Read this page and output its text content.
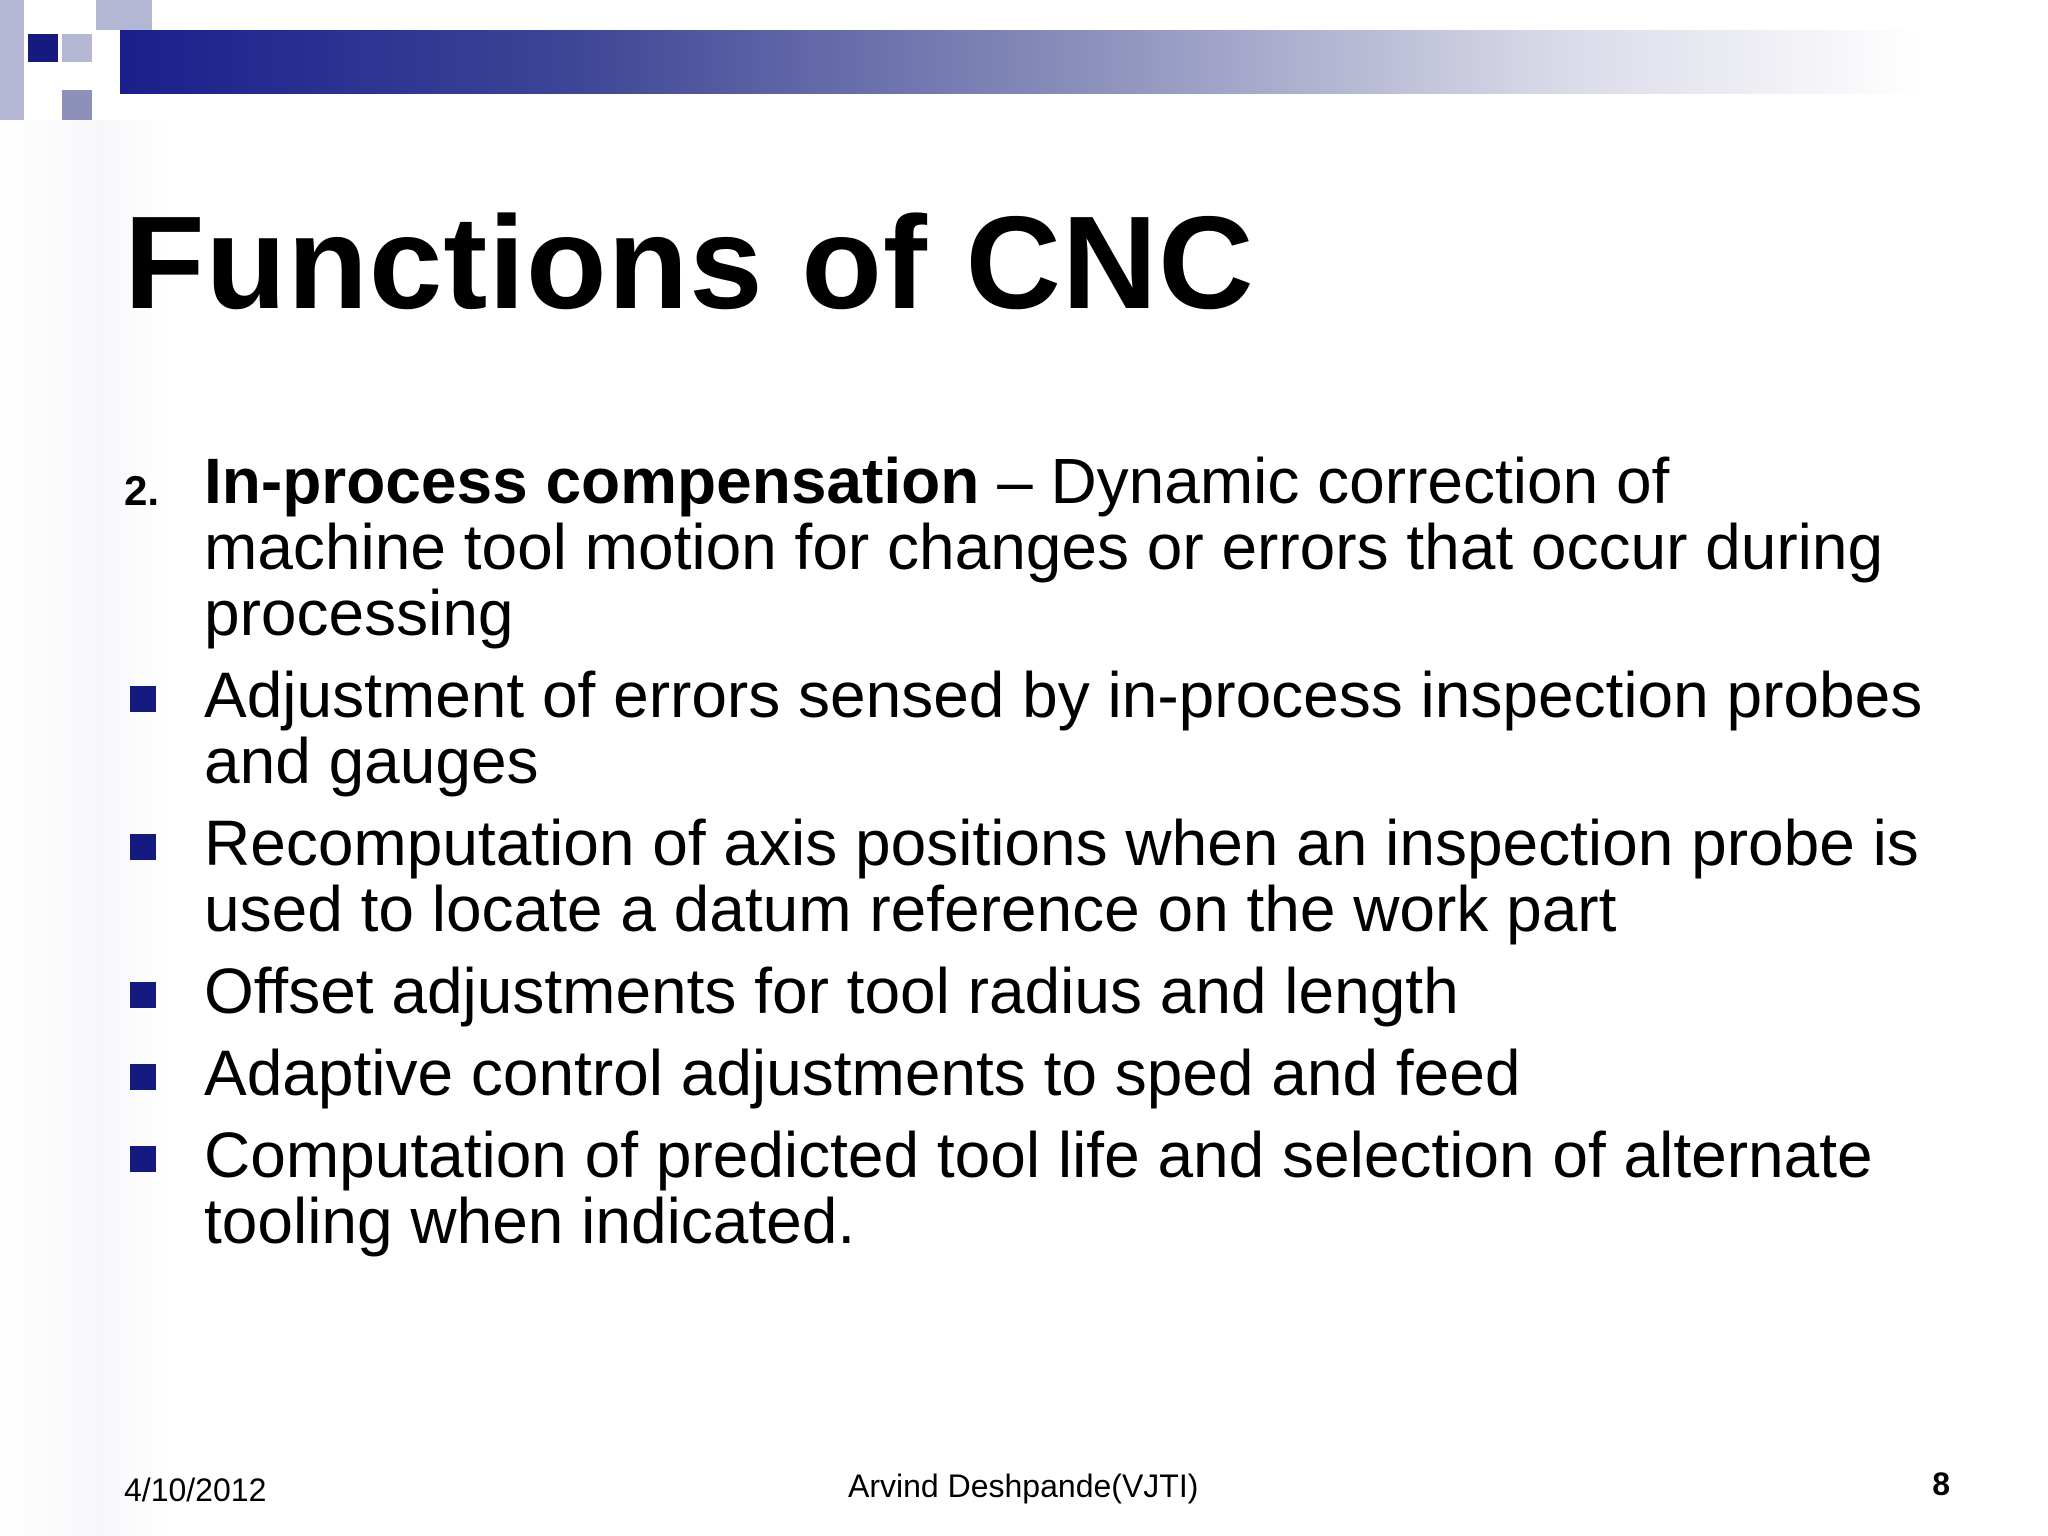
Functions of CNC
2. In-process compensation – Dynamic correction of machine tool motion for changes or errors that occur during processing
Adjustment of errors sensed by in-process inspection probes and gauges
Recomputation of axis positions when an inspection probe is used to locate a datum reference on the work part
Offset adjustments for tool radius and length
Adaptive control adjustments to sped and feed
Computation of predicted tool life and selection of alternate tooling when indicated.
4/10/2012	Arvind Deshpande(VJTI)	8
